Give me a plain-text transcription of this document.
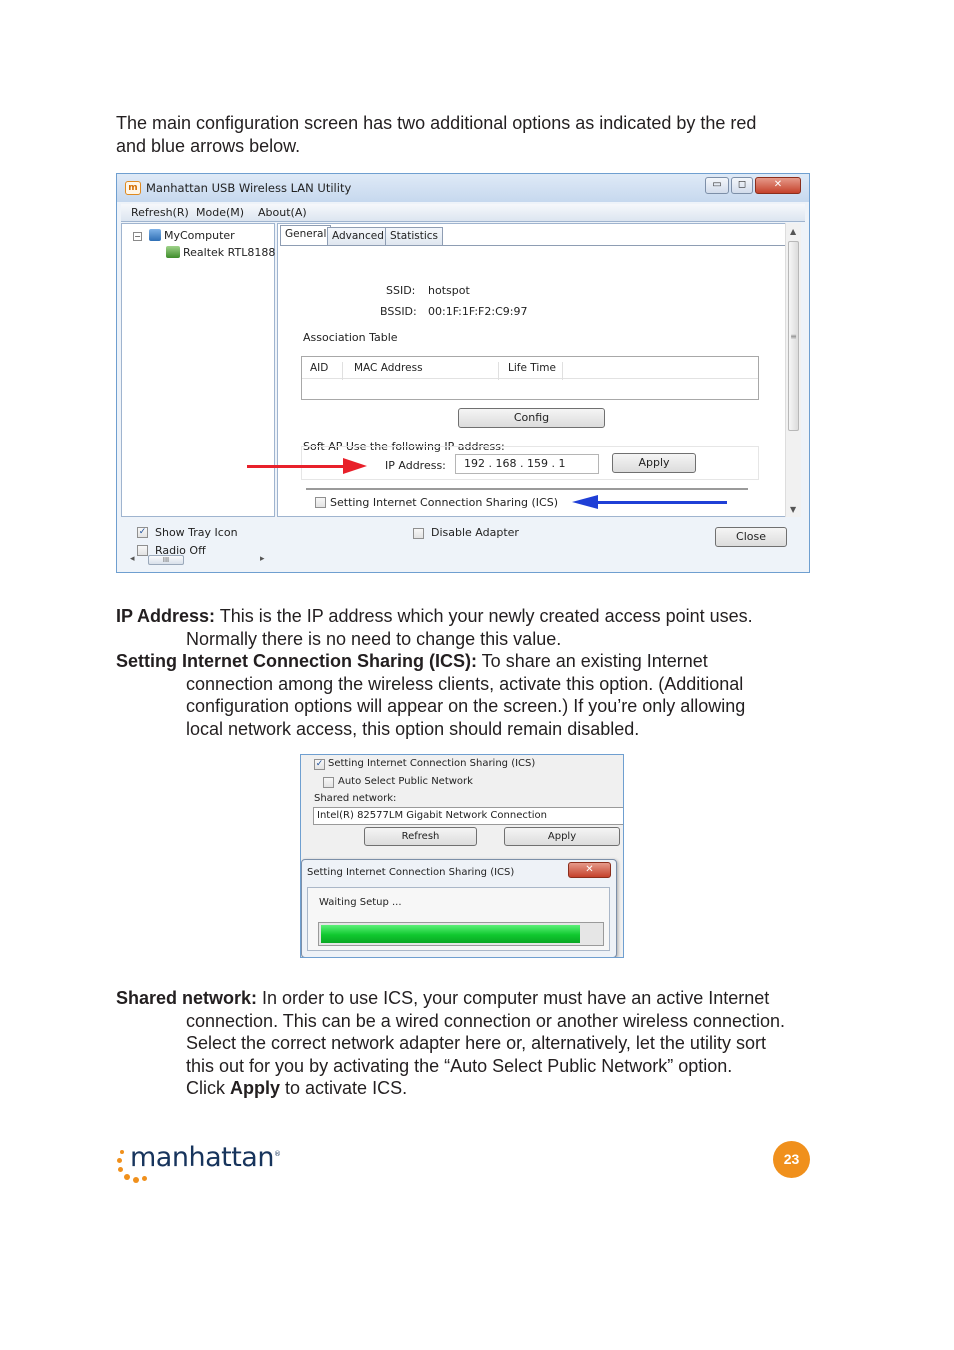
The main configuration screen has two additional options as indicated by the red
and blue arrows below.
m Manhattan USB Wireless LAN Utility	▭	◻	✕
Refresh(R) Mode(M) About(A)
− MyComputer
Realtek RTL8188
◂	III	▸
General Advanced Statistics
SSID: hotspot
BSSID: 00:1F:1F:F2:C9:97
Association Table
AID MAC Address	Life Time
Config
Soft AP Use the following IP address:
IP Address:	192 . 168 . 159 . 1	Apply
Setting Internet Connection Sharing (ICS)
▲
≡
▼
✓ Show Tray Icon
Radio Off
Disable Adapter	Close
IP Address: This is the IP address which your newly created access point uses.
Normally there is no need to change this value.
Setting Internet Connection Sharing (ICS): To share an existing Internet
connection among the wireless clients, activate this option. (Additional
configuration options will appear on the screen.) If you’re only allowing
local network access, this option should remain disabled.
✓ Setting Internet Connection Sharing (ICS)
Auto Select Public Network
Shared network:
Intel(R) 82577LM Gigabit Network Connection
Refresh	Apply
Setting Internet Connection Sharing (ICS)	✕
Waiting Setup ...
Shared network: In order to use ICS, your computer must have an active Internet
connection. This can be a wired connection or another wireless connection.
Select the correct network adapter here or, alternatively, let the utility sort
this out for you by activating the “Auto Select Public Network” option.
Click Apply to activate ICS.
manhattan®	23
